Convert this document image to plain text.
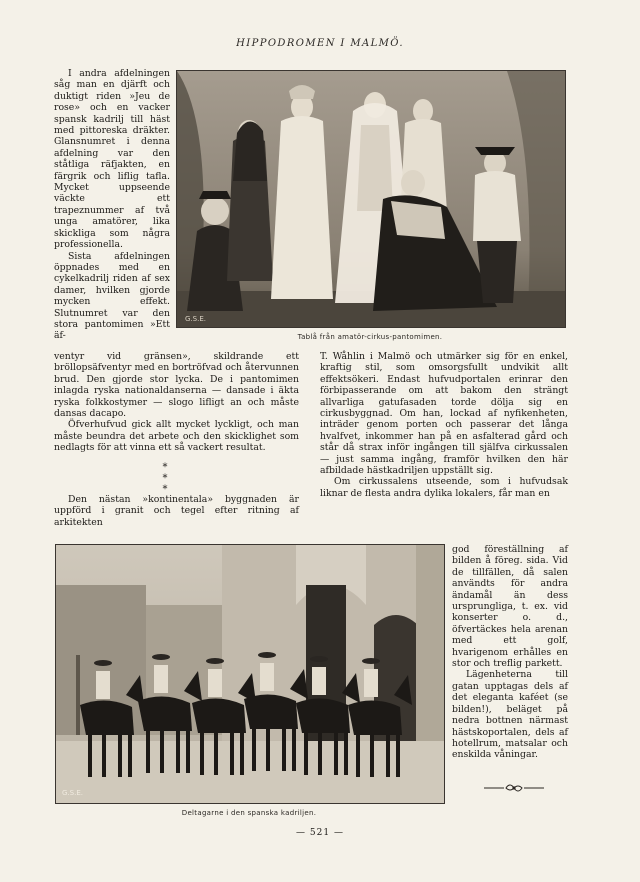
HIPPODROMEN I MALMÖ.

I andra afdelningen såg man en djärft och duktigt riden »Jeu de rose» och en vacker spansk kadrilj till häst med pittoreska dräkter. Glansnumret i denna afdelning var den ståtliga räfjakten, en färgrik och liflig tafla. Mycket uppseende väckte ett trapeznummer af två unga amatörer, lika skickliga som några professionella.

Sista afdelningen öppnades med en cykelkadrilj riden af sex damer, hvilken gjorde mycken effekt. Slutnumret var den stora pantomimen »Ett äf-

G.S.E.
Tablå från amatör-cirkus-pantomimen.

ventyr vid gränsen», skildrande ett bröllopsäfventyr med en bortröfvad och återvunnen brud. Den gjorde stor lycka. De i pantomimen inlagda ryska nationaldanserna — dansade i äkta ryska folkkostymer — slogo lifligt an och måste dansas dacapo.

Öfverhufvud gick allt mycket lyckligt, och man måste beundra det arbete och den skicklighet som nedlagts för att vinna ett så vackert resultat.

* * *

Den nästan »kontinentala» byggnaden är uppförd i granit och tegel efter ritning af arkitekten

T. Wåhlin i Malmö och utmärker sig för en enkel, kraftig stil, som omsorgsfullt undvikit allt effektsökeri. Endast hufvudportalen erinrar den förbipasserande om att bakom den strängt allvarliga gatufasaden torde dölja sig en cirkusbyggnad. Om han, lockad af nyfikenheten, inträder genom porten och passerar det långa hvalfvet, inkommer han på en asfalterad gård och står då strax inför ingången till själfva cirkussalen — just samma ingång, framför hvilken den här afbildade hästkadriljen uppställt sig.

Om cirkussalens utseende, som i hufvudsak liknar de flesta andra dylika lokalers, får man en

G.S.E.
Deltagarne i den spanska kadriljen.

god föreställning af bilden å föreg. sida. Vid de tillfällen, då salen användts för andra ändamål än dess ursprungliga, t. ex. vid konserter o. d., öfvertäckes hela arenan med ett golf, hvarigenom erhålles en stor och treflig parkett.

Lägenheterna till gatan upptagas dels af det eleganta kaféet (se bilden!), beläget på nedra bottnen närmast hästskoportalen, dels af hotellrum, matsalar och enskilda våningar.

— 521 —
